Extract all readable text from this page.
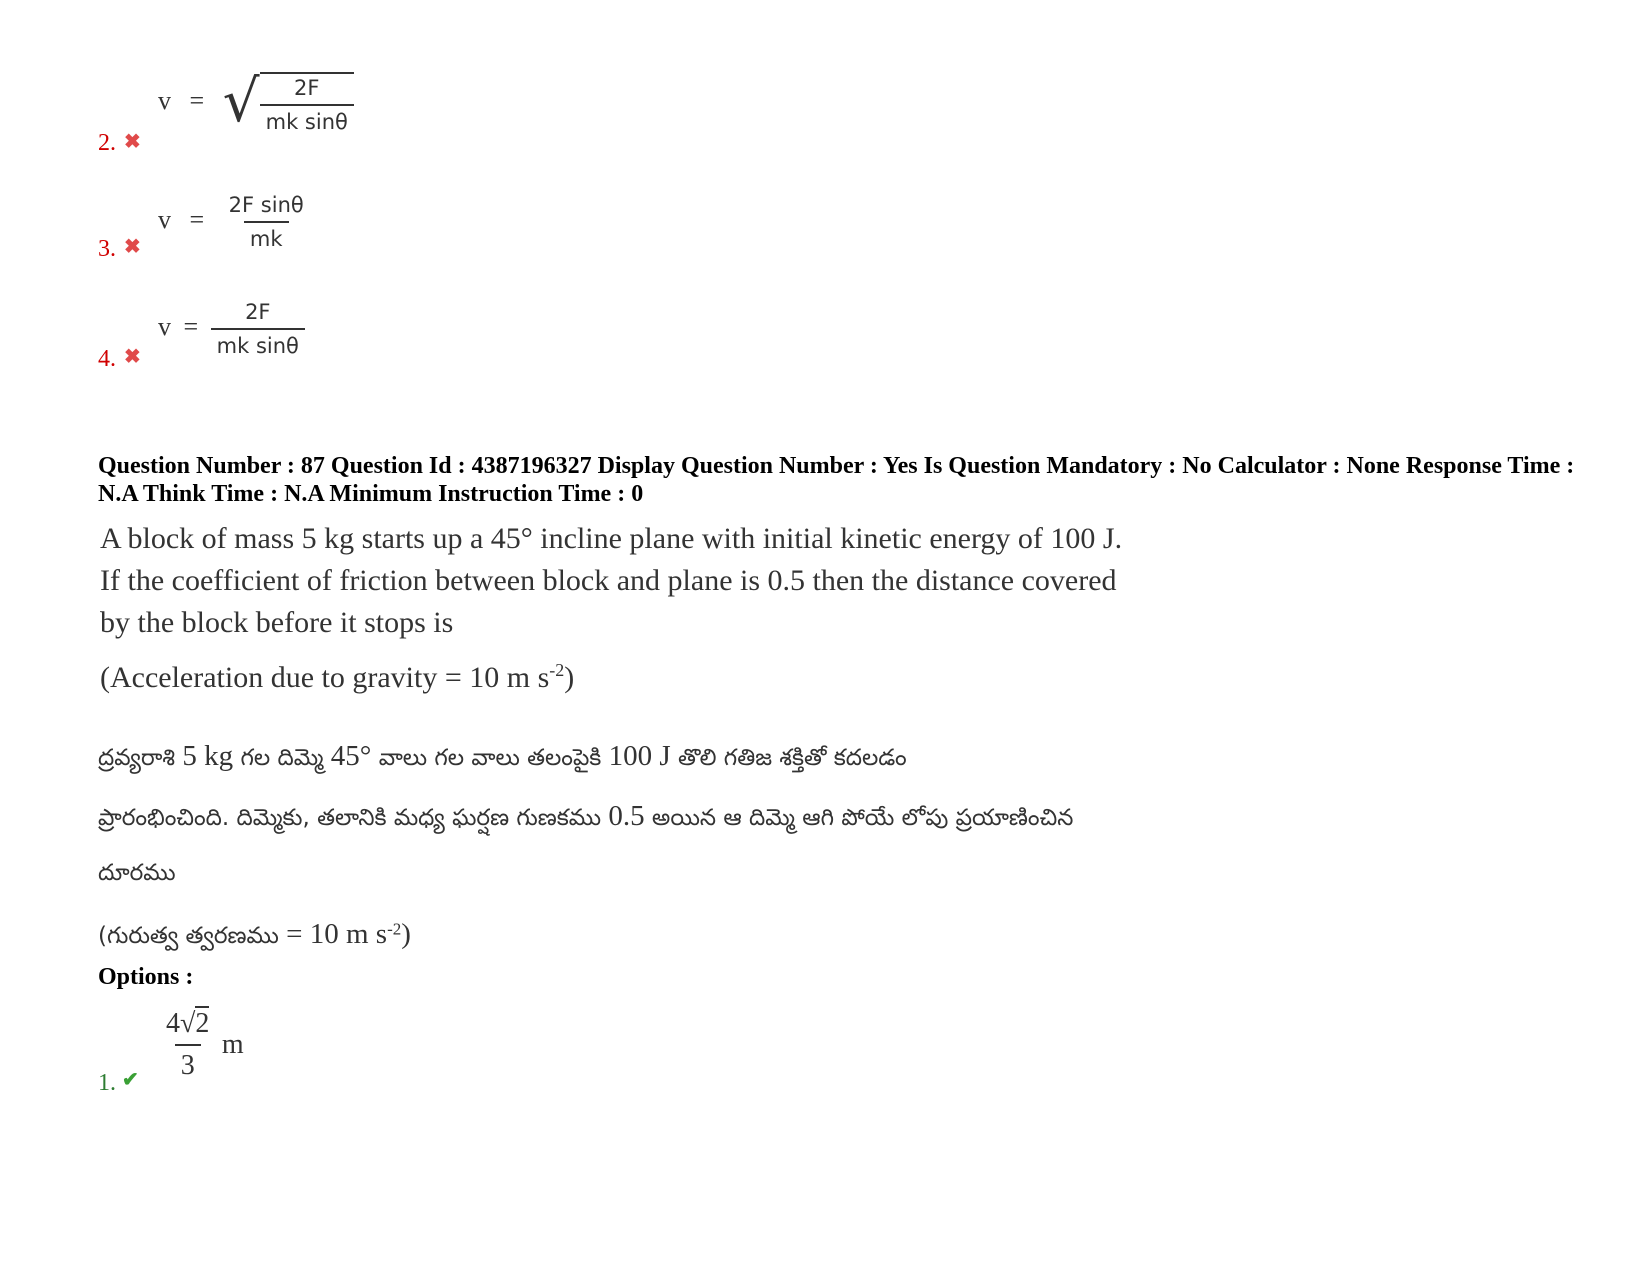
2. ✖
v = √ $\frac{2F}{\text{mk sinθ}}$
3. ✖
$v = \frac{\text{2F sinθ}}{mk}$
4. ✖
$v = \frac{2F}{\text{mk sinθ}}$
Question Number : 87 Question Id : 4387196327 Display Question Number : Yes Is Question Mandatory : No Calculator : None Response Time : N.A Think Time : N.A Minimum Instruction Time : 0
A block of mass 5 kg starts up a 45° incline plane with initial kinetic energy of 100 J.
If the coefficient of friction between block and plane is 0.5 then the distance covered
by the block before it stops is
(Acceleration due to gravity = 10 m $s^{-2}$)
ద్రవ్యరాశి 5 kg గల దిమ్మె 45° వాలు గల వాలు తలంపైకి 100 J తొలి గతిజ శక్తితో కదలడం
ప్రారంభించింది. దిమ్మెకు, తలానికి మధ్య ఘర్షణ గుణకము 0.5 అయిన ఆ దిమ్మె ఆగి పోయే లోపు ప్రయాణించిన
దూరము
(గురుత్వ త్వరణము = 10 m $s^{-2}$)
Options :
1. ✔ $\frac{4√2}{3}$ m
